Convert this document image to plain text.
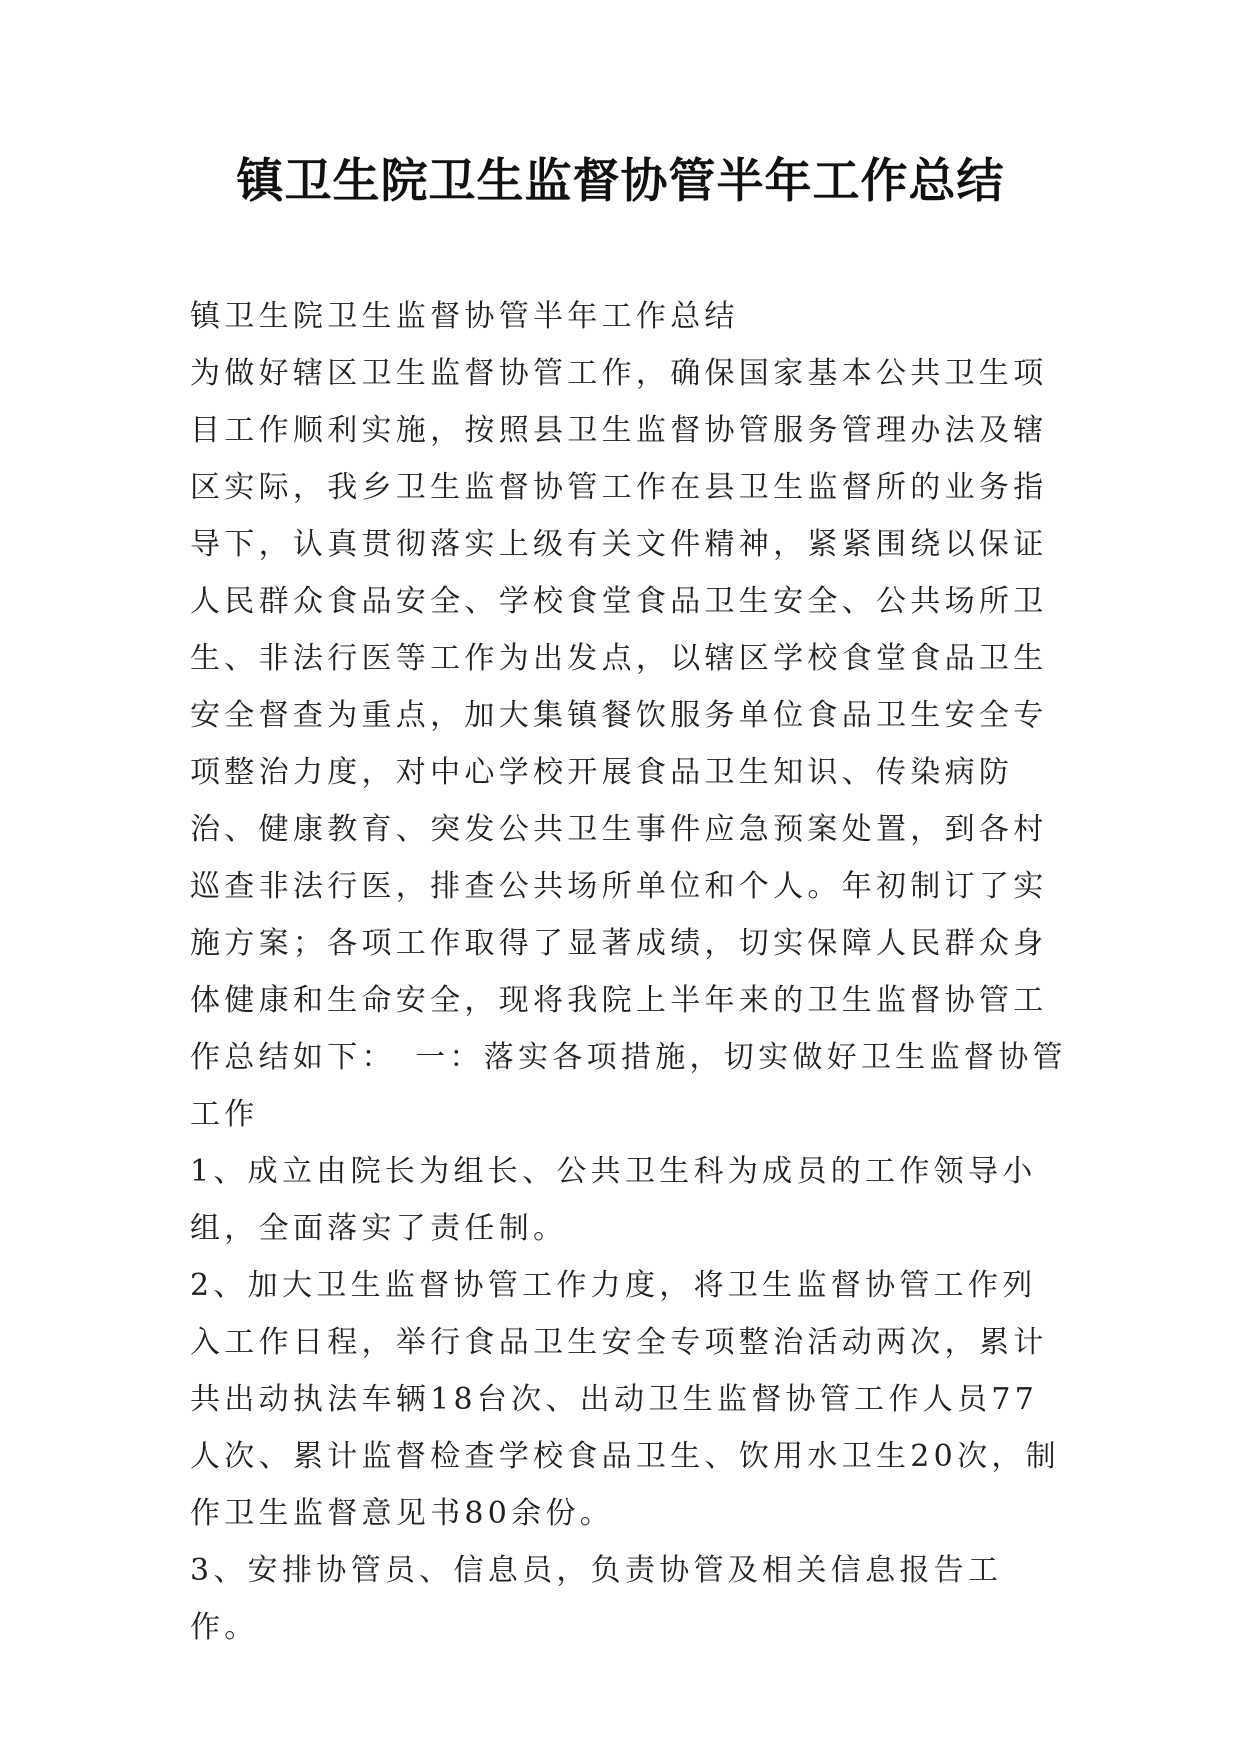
镇卫生院卫生监督协管半年工作总结

镇卫生院卫生监督协管半年工作总结

为做好辖区卫生监督协管工作，确保国家基本公共卫生项目工作顺利实施，按照县卫生监督协管服务管理办法及辖区实际，我乡卫生监督协管工作在县卫生监督所的业务指导下，认真贯彻落实上级有关文件精神，紧紧围绕以保证人民群众食品安全、学校食堂食品卫生安全、公共场所卫生、非法行医等工作为出发点，以辖区学校食堂食品卫生安全督查为重点，加大集镇餐饮服务单位食品卫生安全专项整治力度，对中心学校开展食品卫生知识、传染病防治、健康教育、突发公共卫生事件应急预案处置，到各村巡查非法行医，排查公共场所单位和个人。年初制订了实施方案；各项工作取得了显著成绩，切实保障人民群众身体健康和生命安全，现将我院上半年来的卫生监督协管工作总结如下：　一：落实各项措施，切实做好卫生监督协管工作

1、成立由院长为组长、公共卫生科为成员的工作领导小组，全面落实了责任制。

2、加大卫生监督协管工作力度，将卫生监督协管工作列入工作日程，举行食品卫生安全专项整治活动两次，累计共出动执法车辆18台次、出动卫生监督协管工作人员77人次、累计监督检查学校食品卫生、饮用水卫生20次，制作卫生监督意见书80余份。

3、安排协管员、信息员，负责协管及相关信息报告工作。
